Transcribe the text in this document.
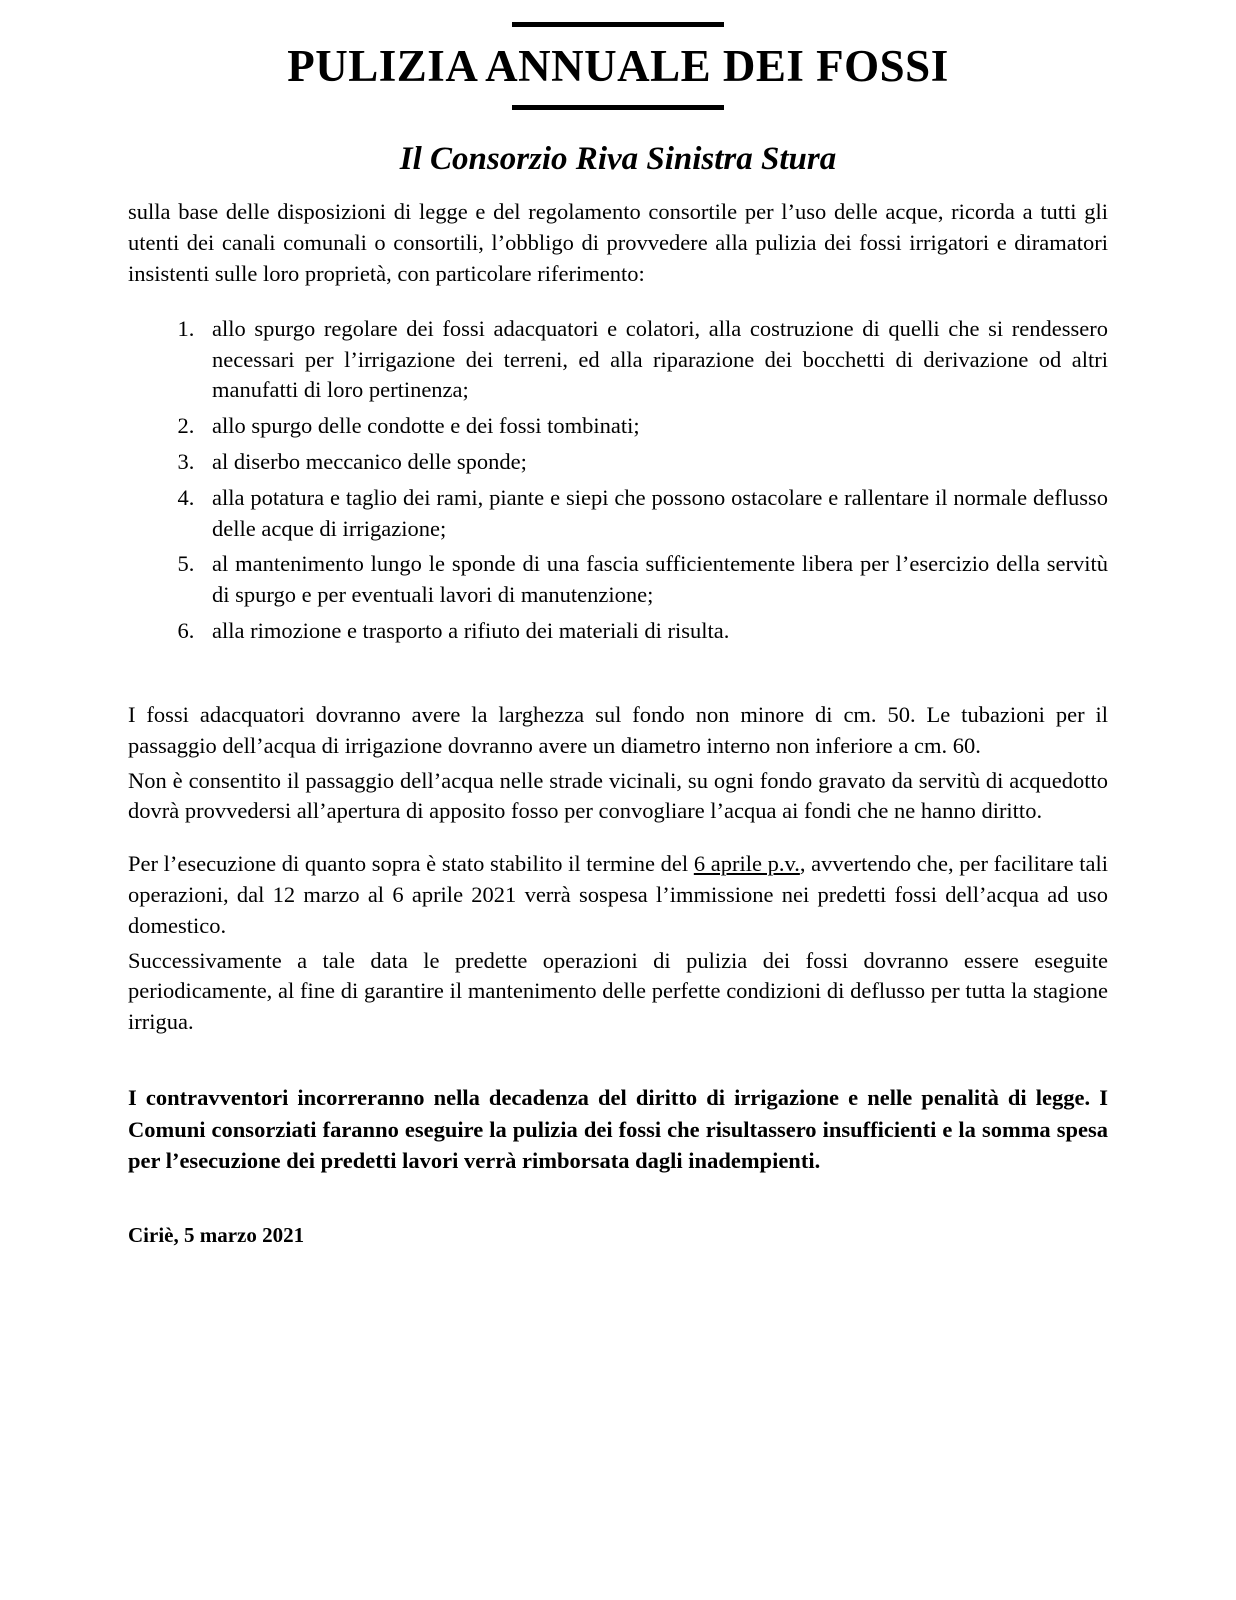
PULIZIA ANNUALE DEI FOSSI
Il Consorzio Riva Sinistra Stura

sulla base delle disposizioni di legge e del regolamento consortile per l’uso delle acque, ricorda a tutti gli utenti dei canali comunali o consortili, l’obbligo di provvedere alla pulizia dei fossi irrigatori e diramatori insistenti sulle loro proprietà, con particolare riferimento:

1. allo spurgo regolare dei fossi adacquatori e colatori, alla costruzione di quelli che si rendessero necessari per l’irrigazione dei terreni, ed alla riparazione dei bocchetti di derivazione od altri manufatti di loro pertinenza;
2. allo spurgo delle condotte e dei fossi tombinati;
3. al diserbo meccanico delle sponde;
4. alla potatura e taglio dei rami, piante e siepi che possono ostacolare e rallentare il normale deflusso delle acque di irrigazione;
5. al mantenimento lungo le sponde di una fascia sufficientemente libera per l’esercizio della servitù di spurgo e per eventuali lavori di manutenzione;
6. alla rimozione e trasporto a rifiuto dei materiali di risulta.

I fossi adacquatori dovranno avere la larghezza sul fondo non minore di cm. 50. Le tubazioni per il passaggio dell’acqua di irrigazione dovranno avere un diametro interno non inferiore a cm. 60.

Non è consentito il passaggio dell’acqua nelle strade vicinali, su ogni fondo gravato da servitù di acquedotto dovrà provvedersi all’apertura di apposito fosso per convogliare l’acqua ai fondi che ne hanno diritto.

Per l’esecuzione di quanto sopra è stato stabilito il termine del 6 aprile p.v., avvertendo che, per facilitare tali operazioni, dal 12 marzo al 6 aprile 2021 verrà sospesa l’immissione nei predetti fossi dell’acqua ad uso domestico.

Successivamente a tale data le predette operazioni di pulizia dei fossi dovranno essere eseguite periodicamente, al fine di garantire il mantenimento delle perfette condizioni di deflusso per tutta la stagione irrigua.

I contravventori incorreranno nella decadenza del diritto di irrigazione e nelle penalità di legge. I Comuni consorziati faranno eseguire la pulizia dei fossi che risultassero insufficienti e la somma spesa per l’esecuzione dei predetti lavori verrà rimborsata dagli inadempienti.

Ciriè, 5 marzo 2021
